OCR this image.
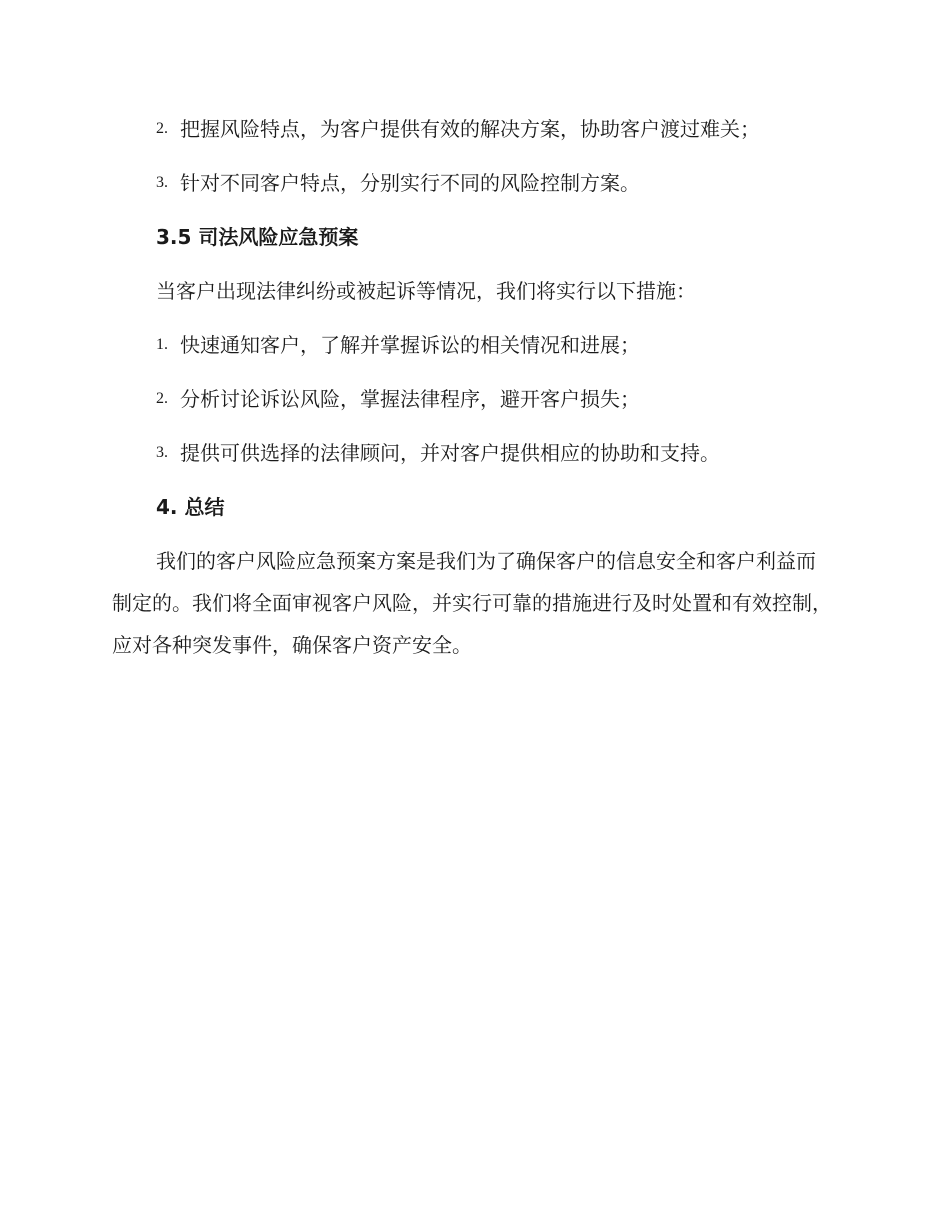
2. 把握风险特点，为客户提供有效的解决方案，协助客户渡过难关；
3. 针对不同客户特点，分别实行不同的风险控制方案。
3.5 司法风险应急预案
当客户出现法律纠纷或被起诉等情况，我们将实行以下措施：
1. 快速通知客户，了解并掌握诉讼的相关情况和进展；
2. 分析讨论诉讼风险，掌握法律程序，避开客户损失；
3. 提供可供选择的法律顾问，并对客户提供相应的协助和支持。
4. 总结
我们的客户风险应急预案方案是我们为了确保客户的信息安全和客户利益而制定的。我们将全面审视客户风险，并实行可靠的措施进行及时处置和有效控制，应对各种突发事件，确保客户资产安全。
